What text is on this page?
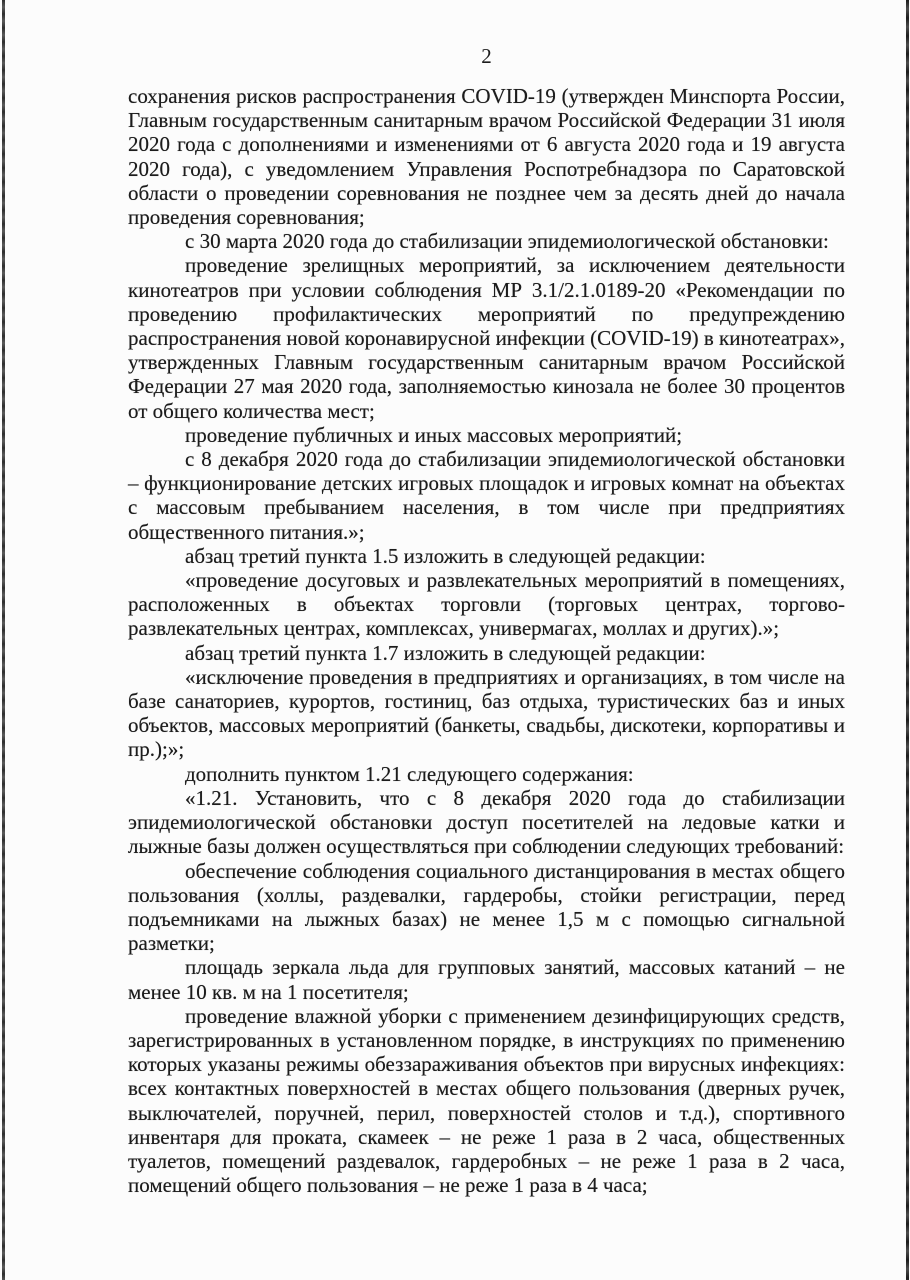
2

сохранения рисков распространения COVID-19 (утвержден Минспорта России, Главным государственным санитарным врачом Российской Федерации 31 июля 2020 года с дополнениями и изменениями от 6 августа 2020 года и 19 августа 2020 года), с уведомлением Управления Роспотребнадзора по Саратовской области о проведении соревнования не позднее чем за десять дней до начала проведения соревнования;

с 30 марта 2020 года до стабилизации эпидемиологической обстановки:

проведение зрелищных мероприятий, за исключением деятельности кинотеатров при условии соблюдения МР 3.1/2.1.0189-20 «Рекомендации по проведению профилактических мероприятий по предупреждению распространения новой коронавирусной инфекции (COVID-19) в кинотеатрах», утвержденных Главным государственным санитарным врачом Российской Федерации 27 мая 2020 года, заполняемостью кинозала не более 30 процентов от общего количества мест;

проведение публичных и иных массовых мероприятий;

с 8 декабря 2020 года до стабилизации эпидемиологической обстановки – функционирование детских игровых площадок и игровых комнат на объектах с массовым пребыванием населения, в том числе при предприятиях общественного питания.»;

абзац третий пункта 1.5 изложить в следующей редакции:

«проведение досуговых и развлекательных мероприятий в помещениях, расположенных в объектах торговли (торговых центрах, торгово-развлекательных центрах, комплексах, универмагах, моллах и других).»;

абзац третий пункта 1.7 изложить в следующей редакции:

«исключение проведения в предприятиях и организациях, в том числе на базе санаториев, курортов, гостиниц, баз отдыха, туристических баз и иных объектов, массовых мероприятий (банкеты, свадьбы, дискотеки, корпоративы и пр.);»;

дополнить пунктом 1.21 следующего содержания:

«1.21. Установить, что с 8 декабря 2020 года до стабилизации эпидемиологической обстановки доступ посетителей на ледовые катки и лыжные базы должен осуществляться при соблюдении следующих требований:

обеспечение соблюдения социального дистанцирования в местах общего пользования (холлы, раздевалки, гардеробы, стойки регистрации, перед подъемниками на лыжных базах) не менее 1,5 м с помощью сигнальной разметки;

площадь зеркала льда для групповых занятий, массовых катаний – не менее 10 кв. м на 1 посетителя;

проведение влажной уборки с применением дезинфицирующих средств, зарегистрированных в установленном порядке, в инструкциях по применению которых указаны режимы обеззараживания объектов при вирусных инфекциях: всех контактных поверхностей в местах общего пользования (дверных ручек, выключателей, поручней, перил, поверхностей столов и т.д.), спортивного инвентаря для проката, скамеек – не реже 1 раза в 2 часа, общественных туалетов, помещений раздевалок, гардеробных – не реже 1 раза в 2 часа, помещений общего пользования – не реже 1 раза в 4 часа;
